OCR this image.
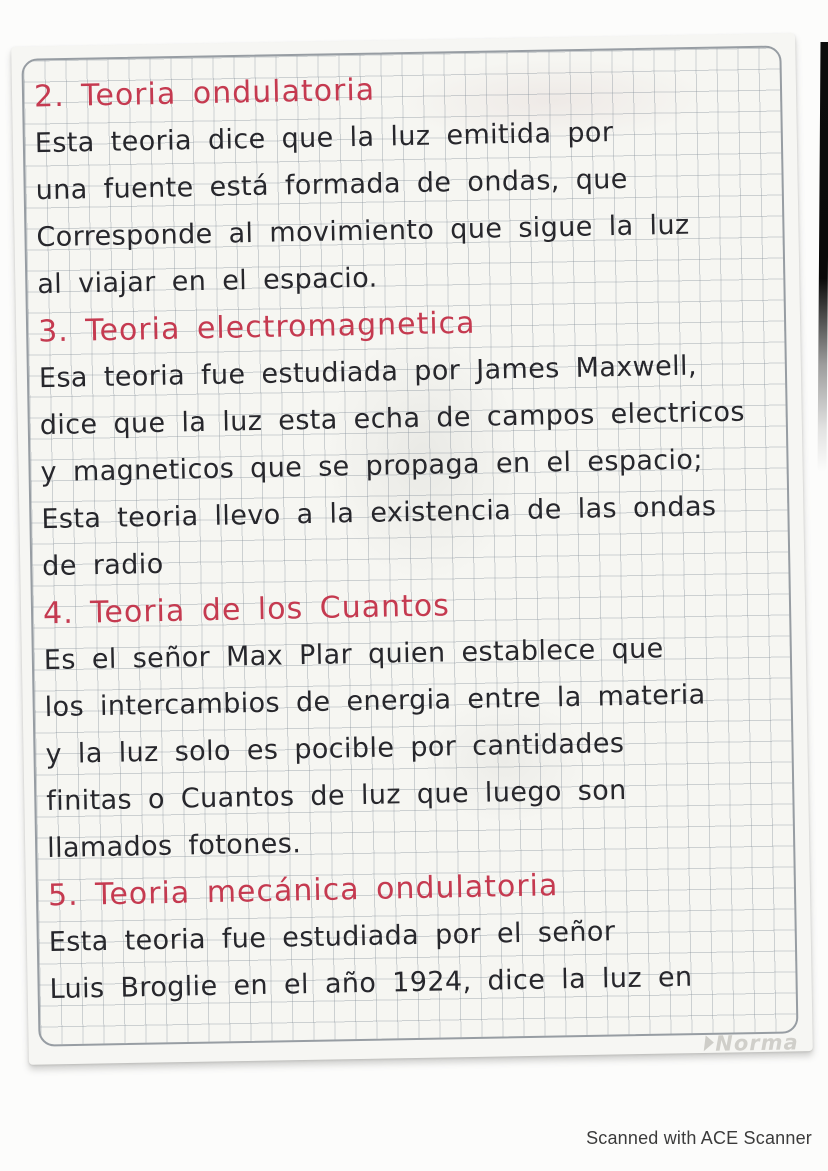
2. Teoria ondulatoria
Esta teoria dice que la luz emitida por
una fuente está formada de ondas, que
Corresponde al movimiento que sigue la luz
al viajar en el espacio.
3. Teoria electromagnetica
Esa teoria fue estudiada por James Maxwell,
dice que la luz esta echa de campos electricos
y magneticos que se propaga en el espacio;
Esta teoria llevo a la existencia de las ondas
de radio
4. Teoria de los Cuantos
Es el señor Max Plar quien establece que
los intercambios de energia entre la materia
y la luz solo es pocible por cantidades
finitas o Cuantos de luz que luego son
llamados fotones.
5. Teoria mecánica ondulatoria
Esta teoria fue estudiada por el señor
Luis Broglie en el año 1924, dice la luz en
Norma
Scanned with ACE Scanner
